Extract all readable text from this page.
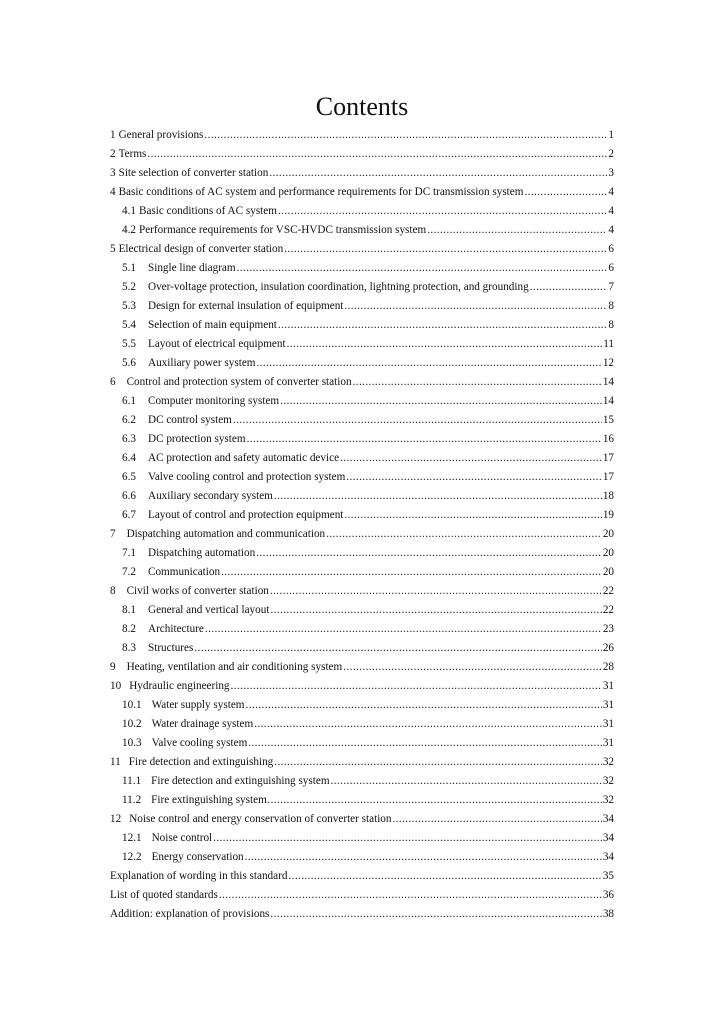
Contents
1 General provisions .....	1
2 Terms .....	2
3 Site selection of converter station .....	3
4 Basic conditions of AC system and performance requirements for DC transmission system .....	4
4.1 Basic conditions of AC system .....	4
4.2 Performance requirements for VSC-HVDC transmission system .....	4
5 Electrical design of converter station .....	6
5.1 Single line diagram .....	6
5.2 Over-voltage protection, insulation coordination, lightning protection, and grounding .....	7
5.3 Design for external insulation of equipment .....	8
5.4 Selection of main equipment .....	8
5.5 Layout of electrical equipment .....	11
5.6 Auxiliary power system .....	12
6 Control and protection system of converter station .....	14
6.1 Computer monitoring system .....	14
6.2 DC control system .....	15
6.3 DC protection system .....	16
6.4 AC protection and safety automatic device .....	17
6.5 Valve cooling control and protection system .....	17
6.6 Auxiliary secondary system .....	18
6.7 Layout of control and protection equipment .....	19
7 Dispatching automation and communication .....	20
7.1 Dispatching automation .....	20
7.2 Communication .....	20
8 Civil works of converter station .....	22
8.1 General and vertical layout .....	22
8.2 Architecture .....	23
8.3 Structures .....	26
9 Heating, ventilation and air conditioning system .....	28
10 Hydraulic engineering .....	31
10.1 Water supply system .....	31
10.2 Water drainage system .....	31
10.3 Valve cooling system .....	31
11 Fire detection and extinguishing .....	32
11.1 Fire detection and extinguishing system .....	32
11.2 Fire extinguishing system. .....	32
12 Noise control and energy conservation of converter station .....	34
12.1 Noise control .....	34
12.2 Energy conservation .....	34
Explanation of wording in this standard .....	35
List of quoted standards .....	36
Addition: explanation of provisions .....	38
